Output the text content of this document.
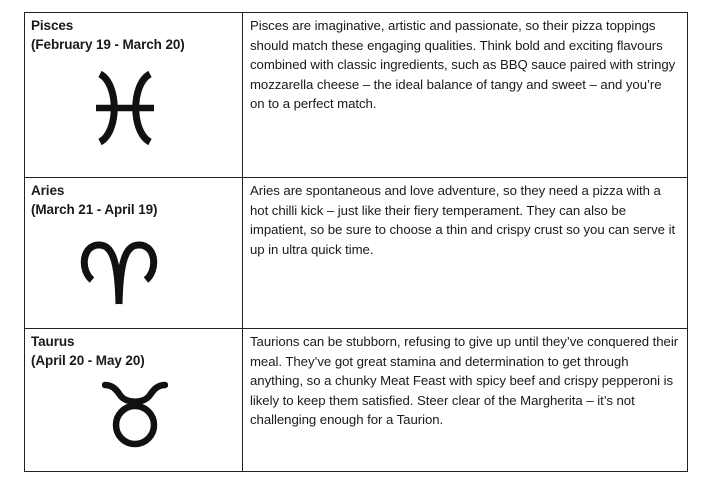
Pisces
(February 19 - March 20)	Pisces are imaginative, artistic and passionate, so their pizza toppings should match these engaging qualities. Think bold and exciting flavours combined with classic ingredients, such as BBQ sauce paired with stringy mozzarella cheese – the ideal balance of tangy and sweet – and you’re on to a perfect match.

Aries
(March 21 - April 19)	Aries are spontaneous and love adventure, so they need a pizza with a hot chilli kick – just like their fiery temperament. They can also be impatient, so be sure to choose a thin and crispy crust so you can serve it up in ultra quick time.

Taurus
(April 20 - May 20)	Taurions can be stubborn, refusing to give up until they’ve conquered their meal. They’ve got great stamina and determination to get through anything, so a chunky Meat Feast with spicy beef and crispy pepperoni is likely to keep them satisfied. Steer clear of the Margherita – it’s not challenging enough for a Taurion.
